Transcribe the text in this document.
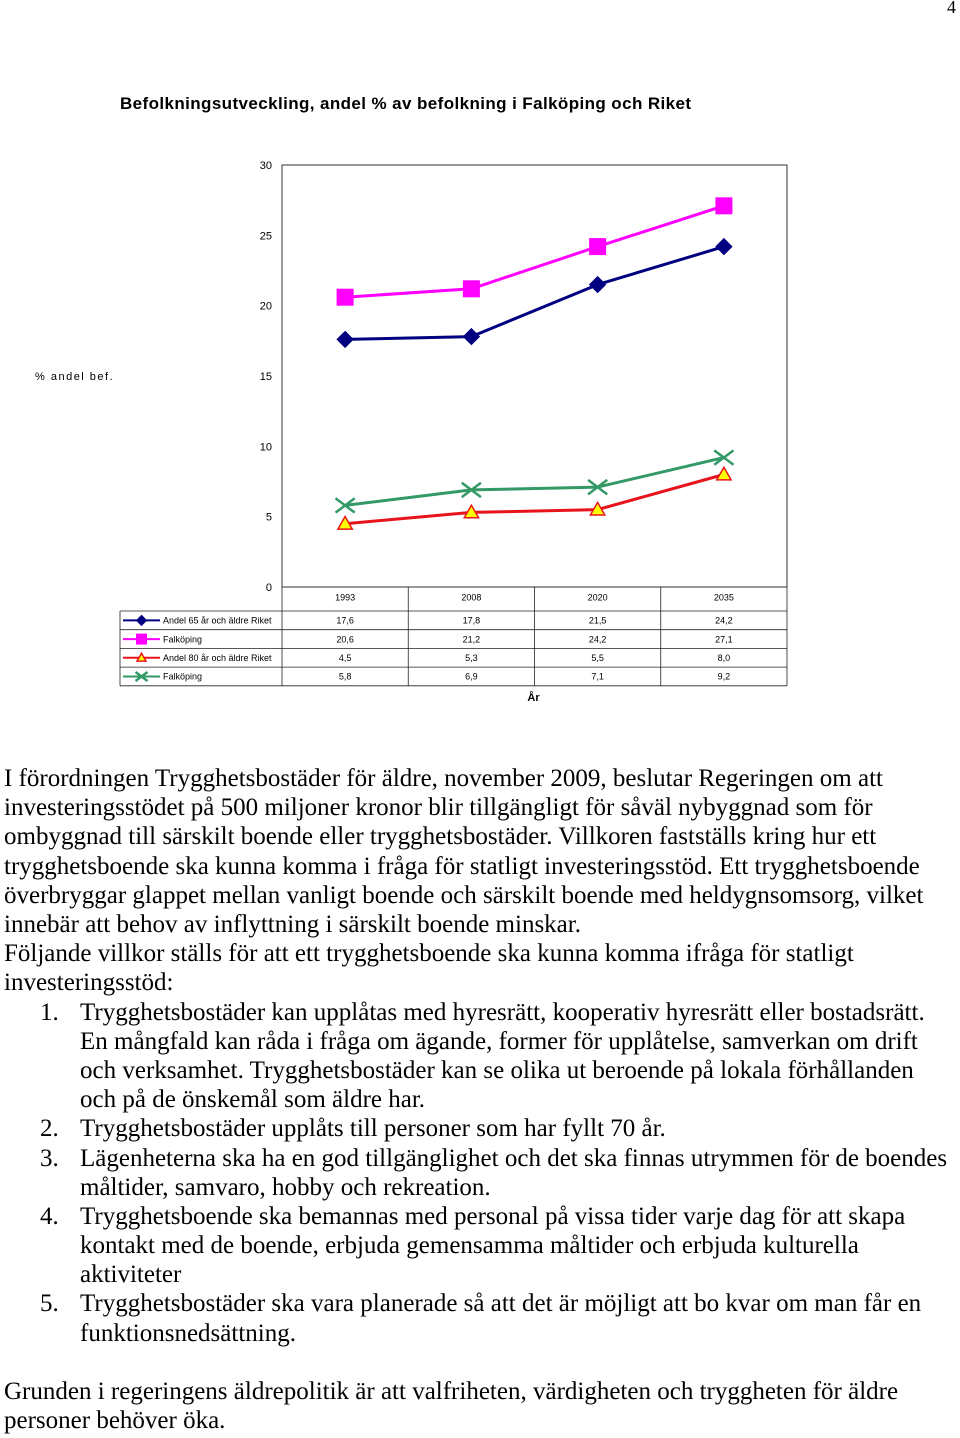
4
Befolkningsutveckling, andel % av befolkning i Falköping och Riket
% andel bef.
0
5
10
15
20
25
30
1993	2008	2020	2035
Andel 65 år och äldre Riket	17,6	17,8	21,5	24,2
Falköping	20,6	21,2	24,2	27,1
Andel 80 år och äldre Riket	4,5	5,3	5,5	8,0
Falköping	5,8	6,9	7,1	9,2
År
I förordningen Trygghetsbostäder för äldre, november 2009, beslutar Regeringen om att
investeringsstödet på 500 miljoner kronor blir tillgängligt för såväl nybyggnad som för
ombyggnad till särskilt boende eller trygghetsbostäder. Villkoren fastställs kring hur ett
trygghetsboende ska kunna komma i fråga för statligt investeringsstöd. Ett trygghetsboende
överbryggar glappet mellan vanligt boende och särskilt boende med heldygnsomsorg, vilket
innebär att behov av inflyttning i särskilt boende minskar.
Följande villkor ställs för att ett trygghetsboende ska kunna komma ifråga för statligt
investeringsstöd:
1. Trygghetsbostäder kan upplåtas med hyresrätt, kooperativ hyresrätt eller bostadsrätt.
En mångfald kan råda i fråga om ägande, former för upplåtelse, samverkan om drift
och verksamhet. Trygghetsbostäder kan se olika ut beroende på lokala förhållanden
och på de önskemål som äldre har.
2. Trygghetsbostäder upplåts till personer som har fyllt 70 år.
3. Lägenheterna ska ha en god tillgänglighet och det ska finnas utrymmen för de boendes
måltider, samvaro, hobby och rekreation.
4. Trygghetsboende ska bemannas med personal på vissa tider varje dag för att skapa
kontakt med de boende, erbjuda gemensamma måltider och erbjuda kulturella
aktiviteter
5. Trygghetsbostäder ska vara planerade så att det är möjligt att bo kvar om man får en
funktionsnedsättning.
Grunden i regeringens äldrepolitik är att valfriheten, värdigheten och tryggheten för äldre
personer behöver öka.
